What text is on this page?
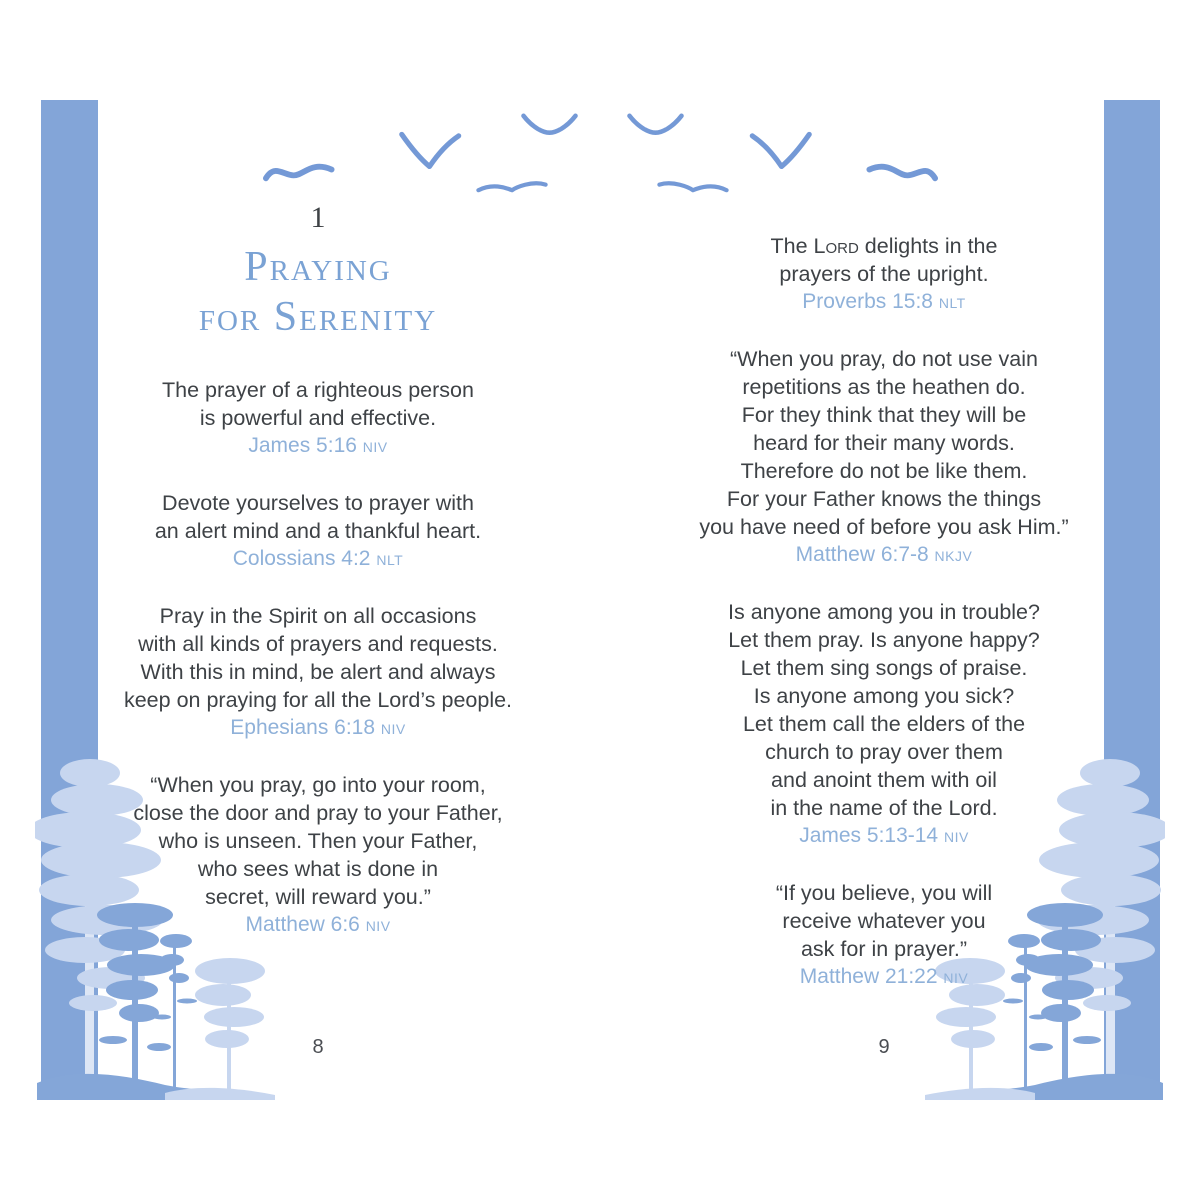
1
Praying
for Serenity
The prayer of a righteous person
is powerful and effective.
James 5:16 NIV
Devote yourselves to prayer with
an alert mind and a thankful heart.
Colossians 4:2 NLT
Pray in the Spirit on all occasions
with all kinds of prayers and requests.
With this in mind, be alert and always
keep on praying for all the Lord’s people.
Ephesians 6:18 NIV
“When you pray, go into your room,
close the door and pray to your Father,
who is unseen. Then your Father,
who sees what is done in
secret, will reward you.”
Matthew 6:6 NIV
The Lord delights in the
prayers of the upright.
Proverbs 15:8 NLT
“When you pray, do not use vain
repetitions as the heathen do.
For they think that they will be
heard for their many words.
Therefore do not be like them.
For your Father knows the things
you have need of before you ask Him.”
Matthew 6:7-8 NKJV
Is anyone among you in trouble?
Let them pray. Is anyone happy?
Let them sing songs of praise.
Is anyone among you sick?
Let them call the elders of the
church to pray over them
and anoint them with oil
in the name of the Lord.
James 5:13-14 NIV
“If you believe, you will
receive whatever you
ask for in prayer.”
Matthew 21:22 NIV
8	9
